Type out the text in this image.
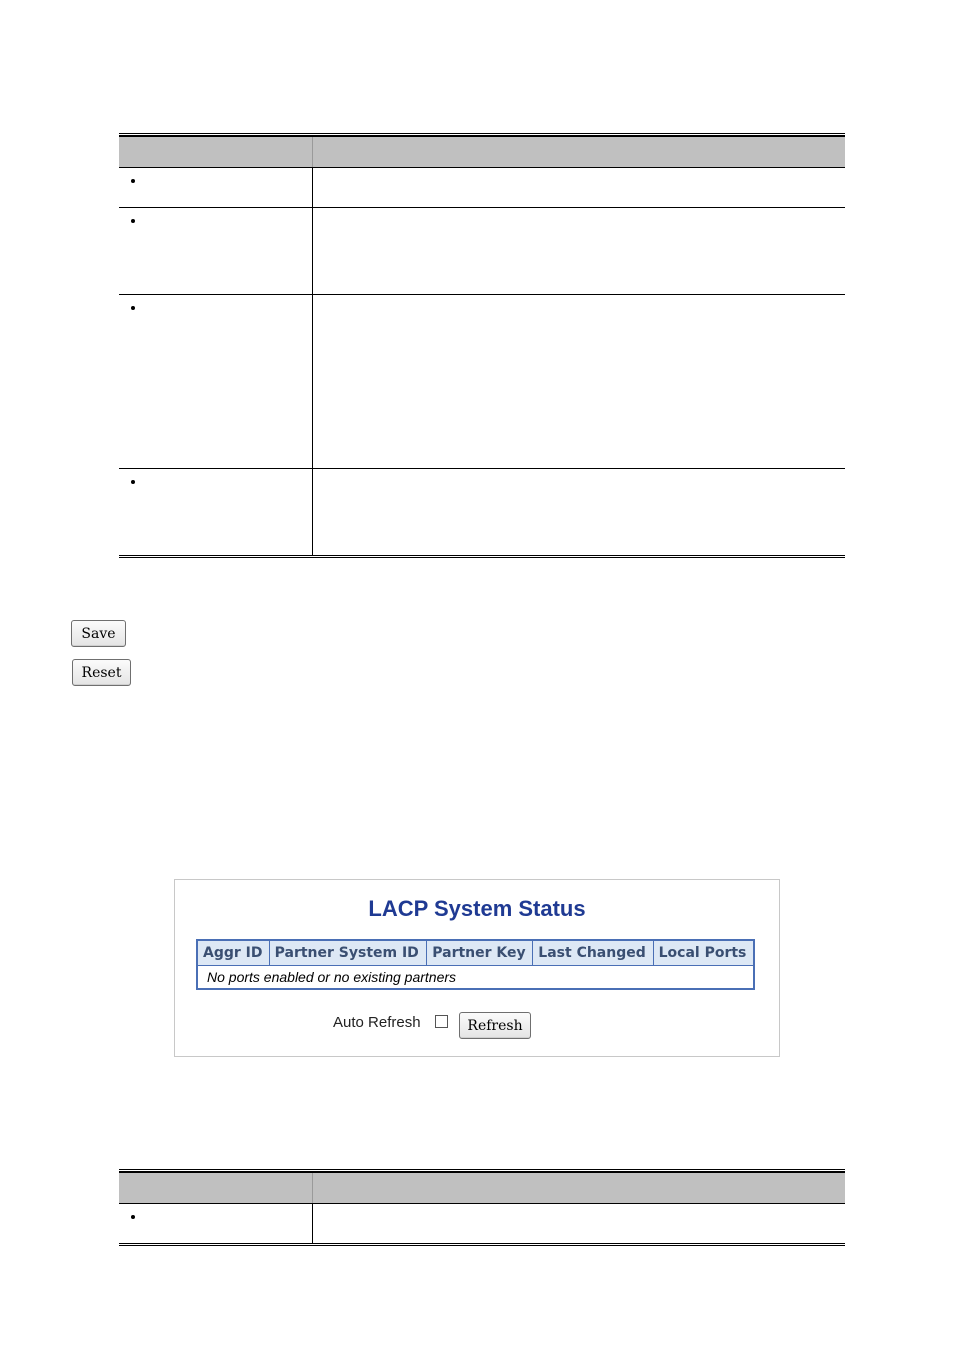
Save
Reset
LACP System Status
Aggr ID	Partner System ID	Partner Key	Last Changed	Local Ports
No ports enabled or no existing partners
Auto Refresh	Refresh
